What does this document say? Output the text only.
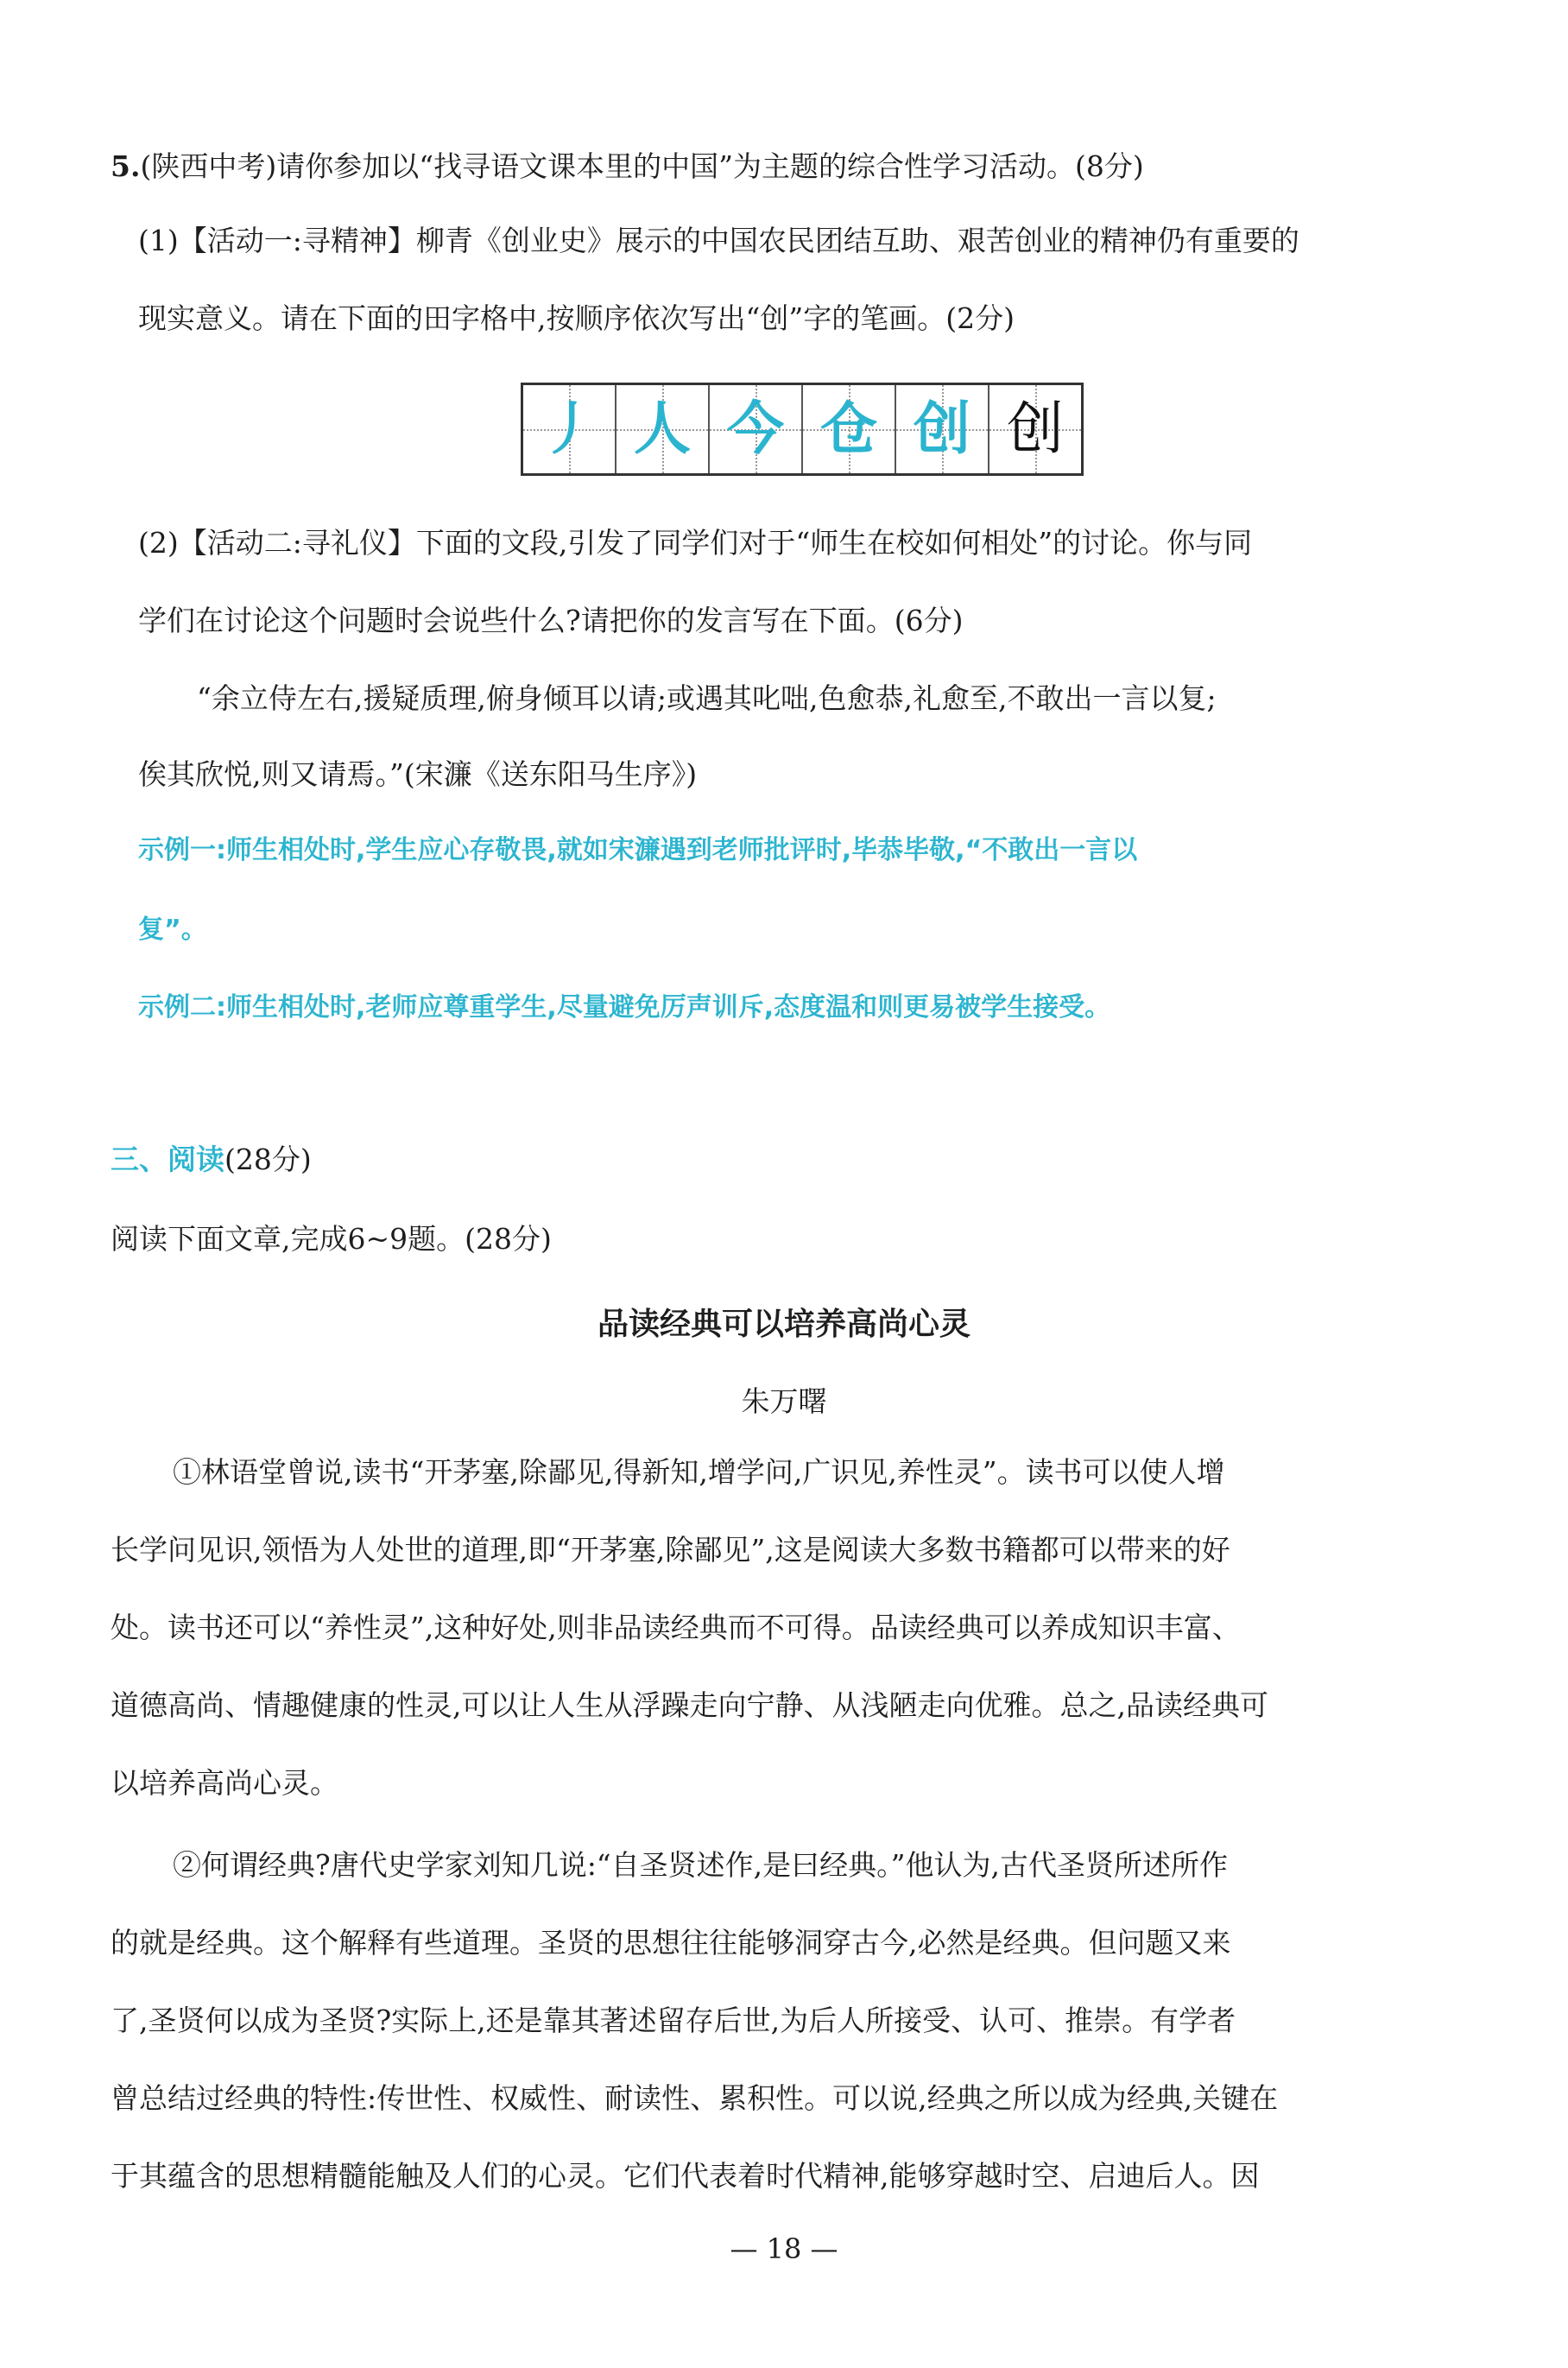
5.(陕西中考)请你参加以“找寻语文课本里的中国”为主题的综合性学习活动。(8分)
(1)【活动一:寻精神】柳青《创业史》展示的中国农民团结互助、艰苦创业的精神仍有重要的
现实意义。请在下面的田字格中,按顺序依次写出“创”字的笔画。(2分)
丿 人 今 仓 创 创
(2)【活动二:寻礼仪】下面的文段,引发了同学们对于“师生在校如何相处”的讨论。你与同
学们在讨论这个问题时会说些什么?请把你的发言写在下面。(6分)
“余立侍左右,援疑质理,俯身倾耳以请;或遇其叱咄,色愈恭,礼愈至,不敢出一言以复;
俟其欣悦,则又请焉。”(宋濂《送东阳马生序》)
示例一:师生相处时,学生应心存敬畏,就如宋濂遇到老师批评时,毕恭毕敬,“不敢出一言以
复”。
示例二:师生相处时,老师应尊重学生,尽量避免厉声训斥,态度温和则更易被学生接受。
三、阅读(28分)
阅读下面文章,完成6~9题。(28分)
品读经典可以培养高尚心灵
朱万曙
①林语堂曾说,读书“开茅塞,除鄙见,得新知,增学问,广识见,养性灵”。读书可以使人增
长学问见识,领悟为人处世的道理,即“开茅塞,除鄙见”,这是阅读大多数书籍都可以带来的好
处。读书还可以“养性灵”,这种好处,则非品读经典而不可得。品读经典可以养成知识丰富、
道德高尚、情趣健康的性灵,可以让人生从浮躁走向宁静、从浅陋走向优雅。总之,品读经典可
以培养高尚心灵。
②何谓经典?唐代史学家刘知几说:“自圣贤述作,是曰经典。”他认为,古代圣贤所述所作
的就是经典。这个解释有些道理。圣贤的思想往往能够洞穿古今,必然是经典。但问题又来
了,圣贤何以成为圣贤?实际上,还是靠其著述留存后世,为后人所接受、认可、推崇。有学者
曾总结过经典的特性:传世性、权威性、耐读性、累积性。可以说,经典之所以成为经典,关键在
于其蕴含的思想精髓能触及人们的心灵。它们代表着时代精神,能够穿越时空、启迪后人。因
— 18 —
